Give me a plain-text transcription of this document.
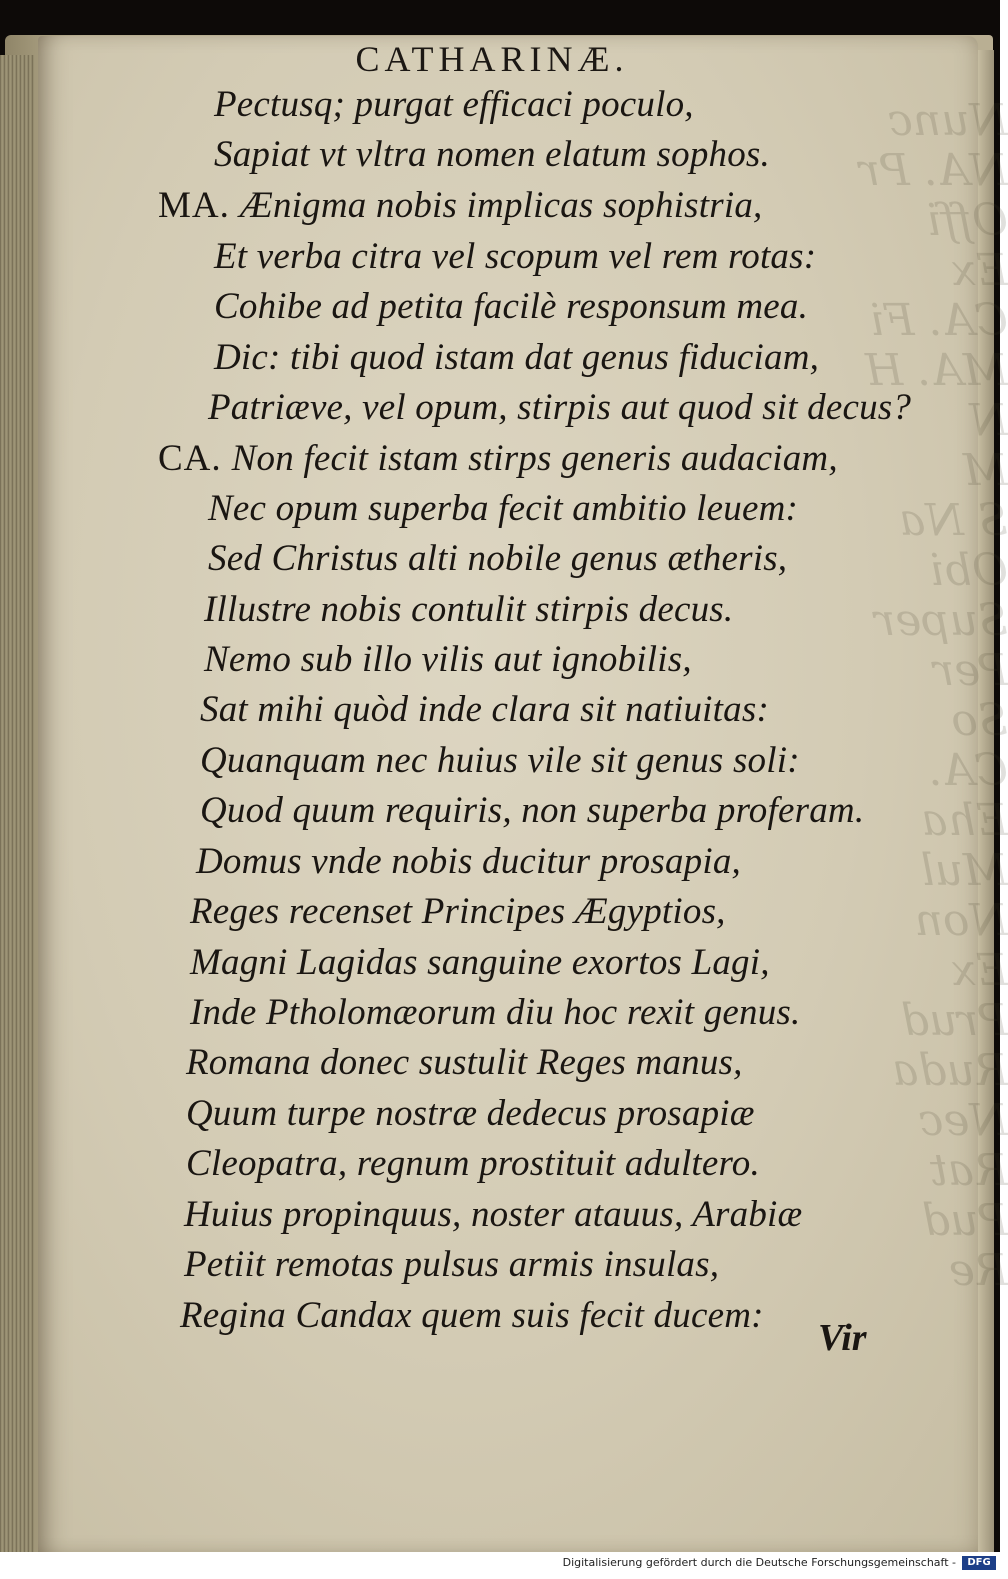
Nunc
NA. Pr
Offi
Ex
CA. Fi
MA. H
N
M
S Na
Obi
Super
Per
So
CA.
Eha
Mul
Non
Ex
Prud
Ruda
Nec
Rat
Pud
Re
CATHARINÆ.
Pectusq; purgat efficaci poculo,
Sapiat vt vltra nomen elatum sophos.
MA. Ænigma nobis implicas sophistria,
Et verba citra vel scopum vel rem rotas:
Cohibe ad petita facilè responsum mea.
Dic: tibi quod istam dat genus fiduciam,
Patriæve, vel opum, stirpis aut quod sit decus?
CA. Non fecit istam stirps generis audaciam,
Nec opum superba fecit ambitio leuem:
Sed Christus alti nobile genus ætheris,
Illustre nobis contulit stirpis decus.
Nemo sub illo vilis aut ignobilis,
Sat mihi quòd inde clara sit natiuitas:
Quanquam nec huius vile sit genus soli:
Quod quum requiris, non superba proferam.
Domus vnde nobis ducitur prosapia,
Reges recenset Principes Ægyptios,
Magni Lagidas sanguine exortos Lagi,
Inde Ptholomæorum diu hoc rexit genus.
Romana donec sustulit Reges manus,
Quum turpe nostræ dedecus prosapiæ
Cleopatra, regnum prostituit adultero.
Huius propinquus, noster atauus, Arabiæ
Petiit remotas pulsus armis insulas,
Regina Candax quem suis fecit ducem:
Vir
Digitalisierung gefördert durch die Deutsche Forschungsgemeinschaft -	DFG
